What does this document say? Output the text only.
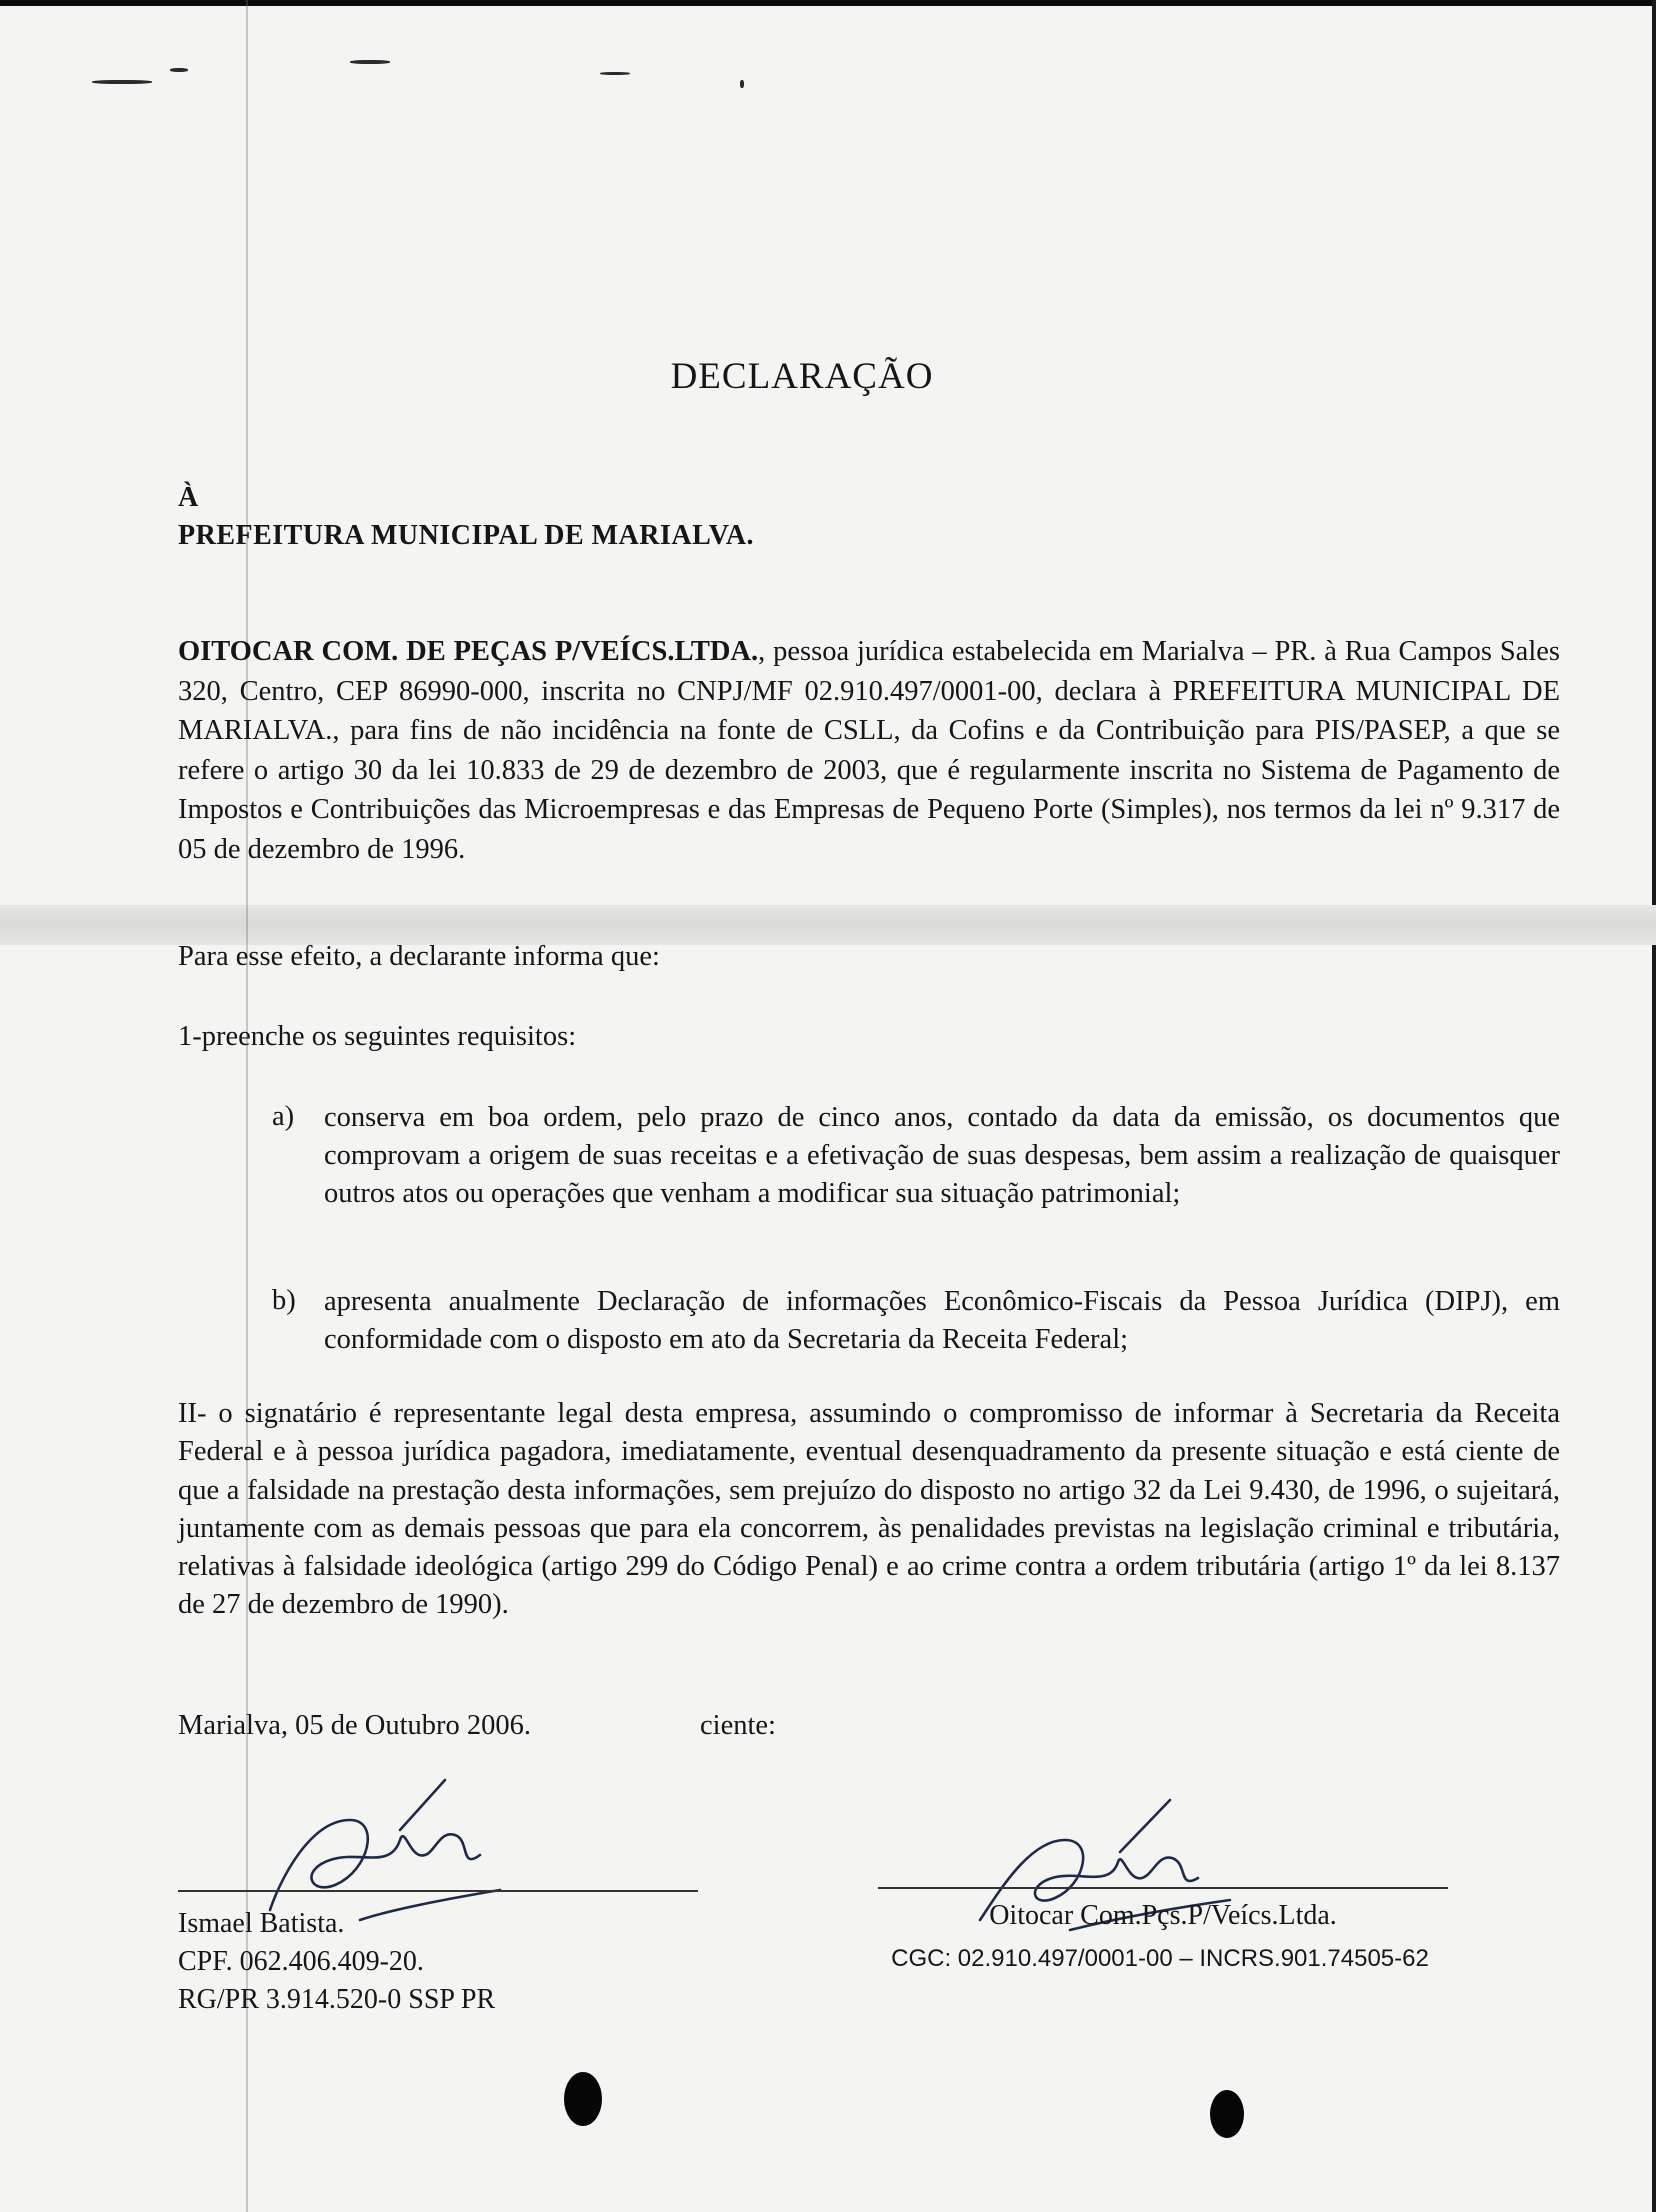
DECLARAÇÃO
À
PREFEITURA MUNICIPAL DE MARIALVA.

OITOCAR COM. DE PEÇAS P/VEÍCS.LTDA., pessoa jurídica estabelecida em Marialva – PR. à Rua Campos Sales 320, Centro, CEP 86990-000, inscrita no CNPJ/MF 02.910.497/0001-00, declara à PREFEITURA MUNICIPAL DE MARIALVA., para fins de não incidência na fonte de CSLL, da Cofins e da Contribuição para PIS/PASEP, a que se refere o artigo 30 da lei 10.833 de 29 de dezembro de 2003, que é regularmente inscrita no Sistema de Pagamento de Impostos e Contribuições das Microempresas e das Empresas de Pequeno Porte (Simples), nos termos da lei nº 9.317 de 05 de dezembro de 1996.

Para esse efeito, a declarante informa que:
1-preenche os seguintes requisitos:
a) conserva em boa ordem, pelo prazo de cinco anos, contado da data da emissão, os documentos que comprovam a origem de suas receitas e a efetivação de suas despesas, bem assim a realização de quaisquer outros atos ou operações que venham a modificar sua situação patrimonial;

b) apresenta anualmente Declaração de informações Econômico-Fiscais da Pessoa Jurídica (DIPJ), em conformidade com o disposto em ato da Secretaria da Receita Federal;

II- o signatário é representante legal desta empresa, assumindo o compromisso de informar à Secretaria da Receita Federal e à pessoa jurídica pagadora, imediatamente, eventual desenquadramento da presente situação e está ciente de que a falsidade na prestação desta informações, sem prejuízo do disposto no artigo 32 da Lei 9.430, de 1996, o sujeitará, juntamente com as demais pessoas que para ela concorrem, às penalidades previstas na legislação criminal e tributária, relativas à falsidade ideológica (artigo 299 do Código Penal) e ao crime contra a ordem tributária (artigo 1º da lei 8.137 de 27 de dezembro de 1990).

Marialva, 05 de Outubro 2006.	ciente:
Ismael Batista.
CPF. 062.406.409-20.
RG/PR 3.914.520-0 SSP PR
Oitocar Com.Pçs.P/Veícs.Ltda.
CGC: 02.910.497/0001-00 – INCRS.901.74505-62
